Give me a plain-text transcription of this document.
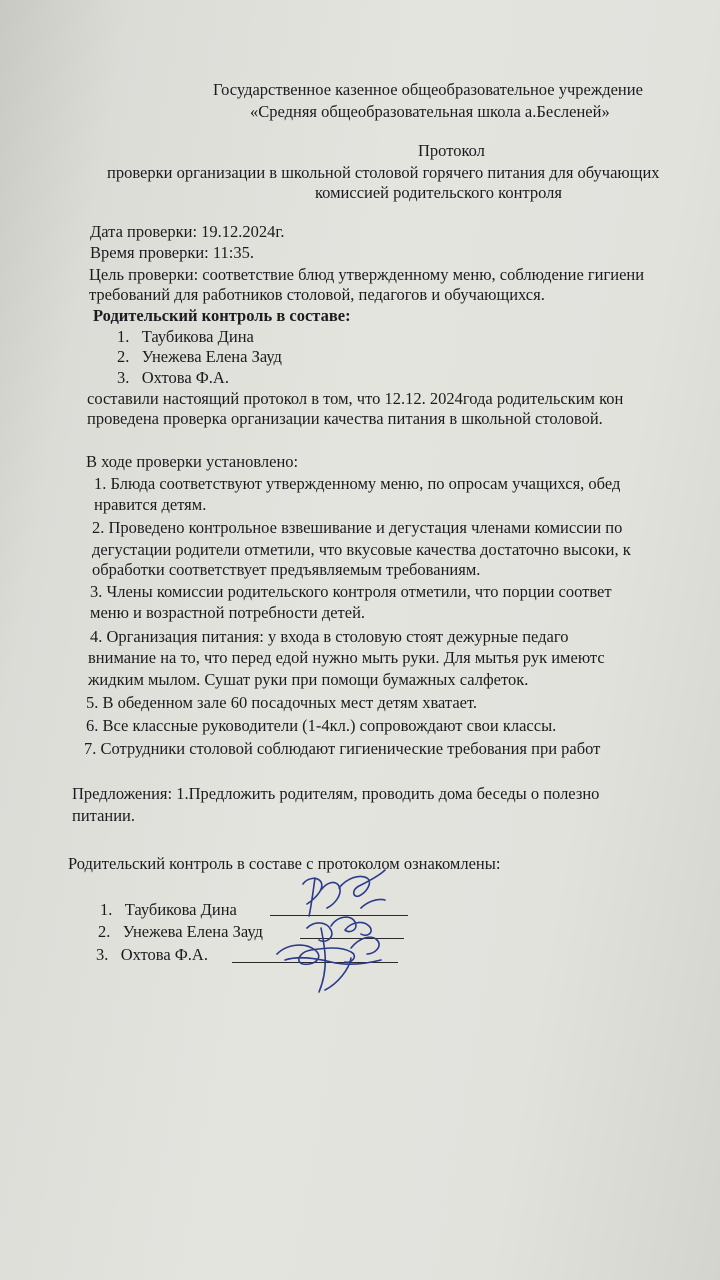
Государственное казенное общеобразовательное учреждение
«Средняя общеобразовательная школа а.Бесленей»
Протокол
проверки организации в школьной столовой горячего питания для обучающих
комиссией родительского контроля
Дата проверки: 19.12.2024г.
Время проверки: 11:35.
Цель проверки: соответствие блюд утвержденному меню, соблюдение гигиени
требований для работников столовой, педагогов и обучающихся.
Родительский контроль в составе:
1. Таубикова Дина
2. Унежева Елена Зауд
3. Охтова Ф.А.
составили настоящий протокол в том, что 12.12. 2024года родительским кон
проведена проверка организации качества питания в школьной столовой.
В ходе проверки установлено:
1. Блюда соответствуют утвержденному меню, по опросам учащихся, обед
нравится детям.
2. Проведено контрольное взвешивание и дегустация членами комиссии по
дегустации родители отметили, что вкусовые качества достаточно высоки, к
обработки соответствует предъявляемым требованиям.
3. Члены комиссии родительского контроля отметили, что порции соответ
меню и возрастной потребности детей.
4. Организация питания: у входа в столовую стоят дежурные педаго
внимание на то, что перед едой нужно мыть руки. Для мытья рук имеютс
жидким мылом. Сушат руки при помощи бумажных салфеток.
5. В обеденном зале 60 посадочных мест детям хватает.
6. Все классные руководители (1-4кл.) сопровождают свои классы.
7. Сотрудники столовой соблюдают гигиенические требования при работ
Предложения: 1.Предложить родителям, проводить дома беседы о полезно
питании.
Родительский контроль в составе с протоколом ознакомлены:
1. Таубикова Дина
2. Унежева Елена Зауд
3. Охтова Ф.А.
